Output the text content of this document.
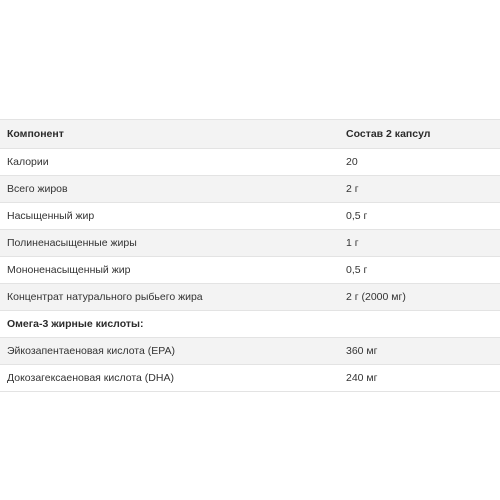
Компонент	Состав 2 капсул
Калории	20
Всего жиров	2 г
Насыщенный жир	0,5 г
Полиненасыщенные жиры	1 г
Мононенасыщенный жир	0,5 г
Концентрат натурального рыбьего жира	2 г (2000 мг)
Омега-3 жирные кислоты:
Эйкозапентаеновая кислота (EPA)	360 мг
Докозагексаеновая кислота (DHA)	240 мг
